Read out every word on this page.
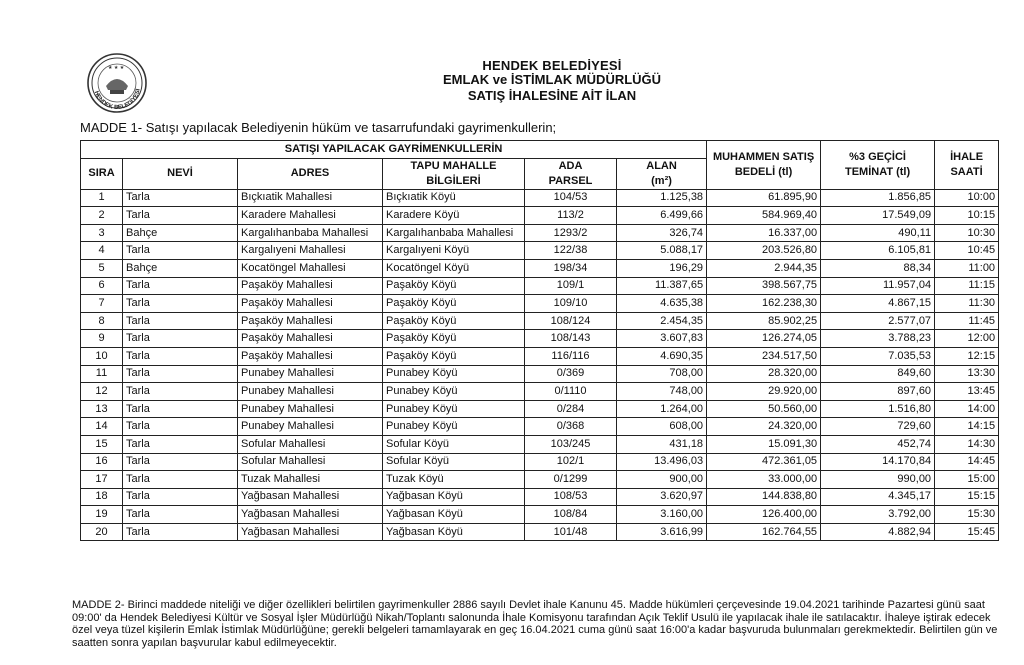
★ ★ ★
HENDEK BELEDİYESİ
HENDEK BELEDİYESİ
EMLAK ve İSTİMLAK MÜDÜRLÜĞÜ
SATIŞ İHALESİNE AİT İLAN
MADDE 1- Satışı yapılacak Belediyenin hüküm ve tasarrufundaki gayrimenkullerin;
SATIŞI YAPILACAK GAYRİMENKULLERİN						MUHAMMEN SATIŞ BEDELİ (tl)	%3 GEÇİCİ TEMİNAT (tl)	İHALE SAATİ
SIRA	NEVİ	ADRES	TAPU MAHALLE BİLGİLERİ	ADA PARSEL	ALAN (m²)			
1	Tarla	Bıçkıatik Mahallesi	Bıçkıatik Köyü	104/53	1.125,38	61.895,90	1.856,85	10:00
2	Tarla	Karadere Mahallesi	Karadere Köyü	113/2	6.499,66	584.969,40	17.549,09	10:15
3	Bahçe	Kargalıhanbaba Mahallesi	Kargalıhanbaba Mahallesi	1293/2	326,74	16.337,00	490,11	10:30
4	Tarla	Kargalıyeni Mahallesi	Kargalıyeni Köyü	122/38	5.088,17	203.526,80	6.105,81	10:45
5	Bahçe	Kocatöngel Mahallesi	Kocatöngel Köyü	198/34	196,29	2.944,35	88,34	11:00
6	Tarla	Paşaköy Mahallesi	Paşaköy Köyü	109/1	11.387,65	398.567,75	11.957,04	11:15
7	Tarla	Paşaköy Mahallesi	Paşaköy Köyü	109/10	4.635,38	162.238,30	4.867,15	11:30
8	Tarla	Paşaköy Mahallesi	Paşaköy Köyü	108/124	2.454,35	85.902,25	2.577,07	11:45
9	Tarla	Paşaköy Mahallesi	Paşaköy Köyü	108/143	3.607,83	126.274,05	3.788,23	12:00
10	Tarla	Paşaköy Mahallesi	Paşaköy Köyü	116/116	4.690,35	234.517,50	7.035,53	12:15
11	Tarla	Punabey Mahallesi	Punabey Köyü	0/369	708,00	28.320,00	849,60	13:30
12	Tarla	Punabey Mahallesi	Punabey Köyü	0/1110	748,00	29.920,00	897,60	13:45
13	Tarla	Punabey Mahallesi	Punabey Köyü	0/284	1.264,00	50.560,00	1.516,80	14:00
14	Tarla	Punabey Mahallesi	Punabey Köyü	0/368	608,00	24.320,00	729,60	14:15
15	Tarla	Sofular Mahallesi	Sofular Köyü	103/245	431,18	15.091,30	452,74	14:30
16	Tarla	Sofular Mahallesi	Sofular Köyü	102/1	13.496,03	472.361,05	14.170,84	14:45
17	Tarla	Tuzak Mahallesi	Tuzak Köyü	0/1299	900,00	33.000,00	990,00	15:00
18	Tarla	Yağbasan Mahallesi	Yağbasan Köyü	108/53	3.620,97	144.838,80	4.345,17	15:15
19	Tarla	Yağbasan Mahallesi	Yağbasan Köyü	108/84	3.160,00	126.400,00	3.792,00	15:30
20	Tarla	Yağbasan Mahallesi	Yağbasan Köyü	101/48	3.616,99	162.764,55	4.882,94	15:45
MADDE 2- Birinci maddede niteliği ve diğer özellikleri belirtilen gayrimenkuller 2886 sayılı Devlet ihale Kanunu 45. Madde hükümleri çerçevesinde 19.04.2021 tarihinde Pazartesi günü saat 09:00' da Hendek Belediyesi Kültür ve Sosyal İşler Müdürlüğü Nikah/Toplantı salonunda İhale Komisyonu tarafından Açık Teklif Usulü ile yapılacak ihale ile satılacaktır. İhaleye iştirak edecek özel veya tüzel kişilerin Emlak İstimlak Müdürlüğüne; gerekli belgeleri tamamlayarak en geç 16.04.2021 cuma günü saat 16:00'a kadar başvuruda bulunmaları gerekmektedir. Belirtilen gün ve saatten sonra yapılan başvurular kabul edilmeyecektir.
